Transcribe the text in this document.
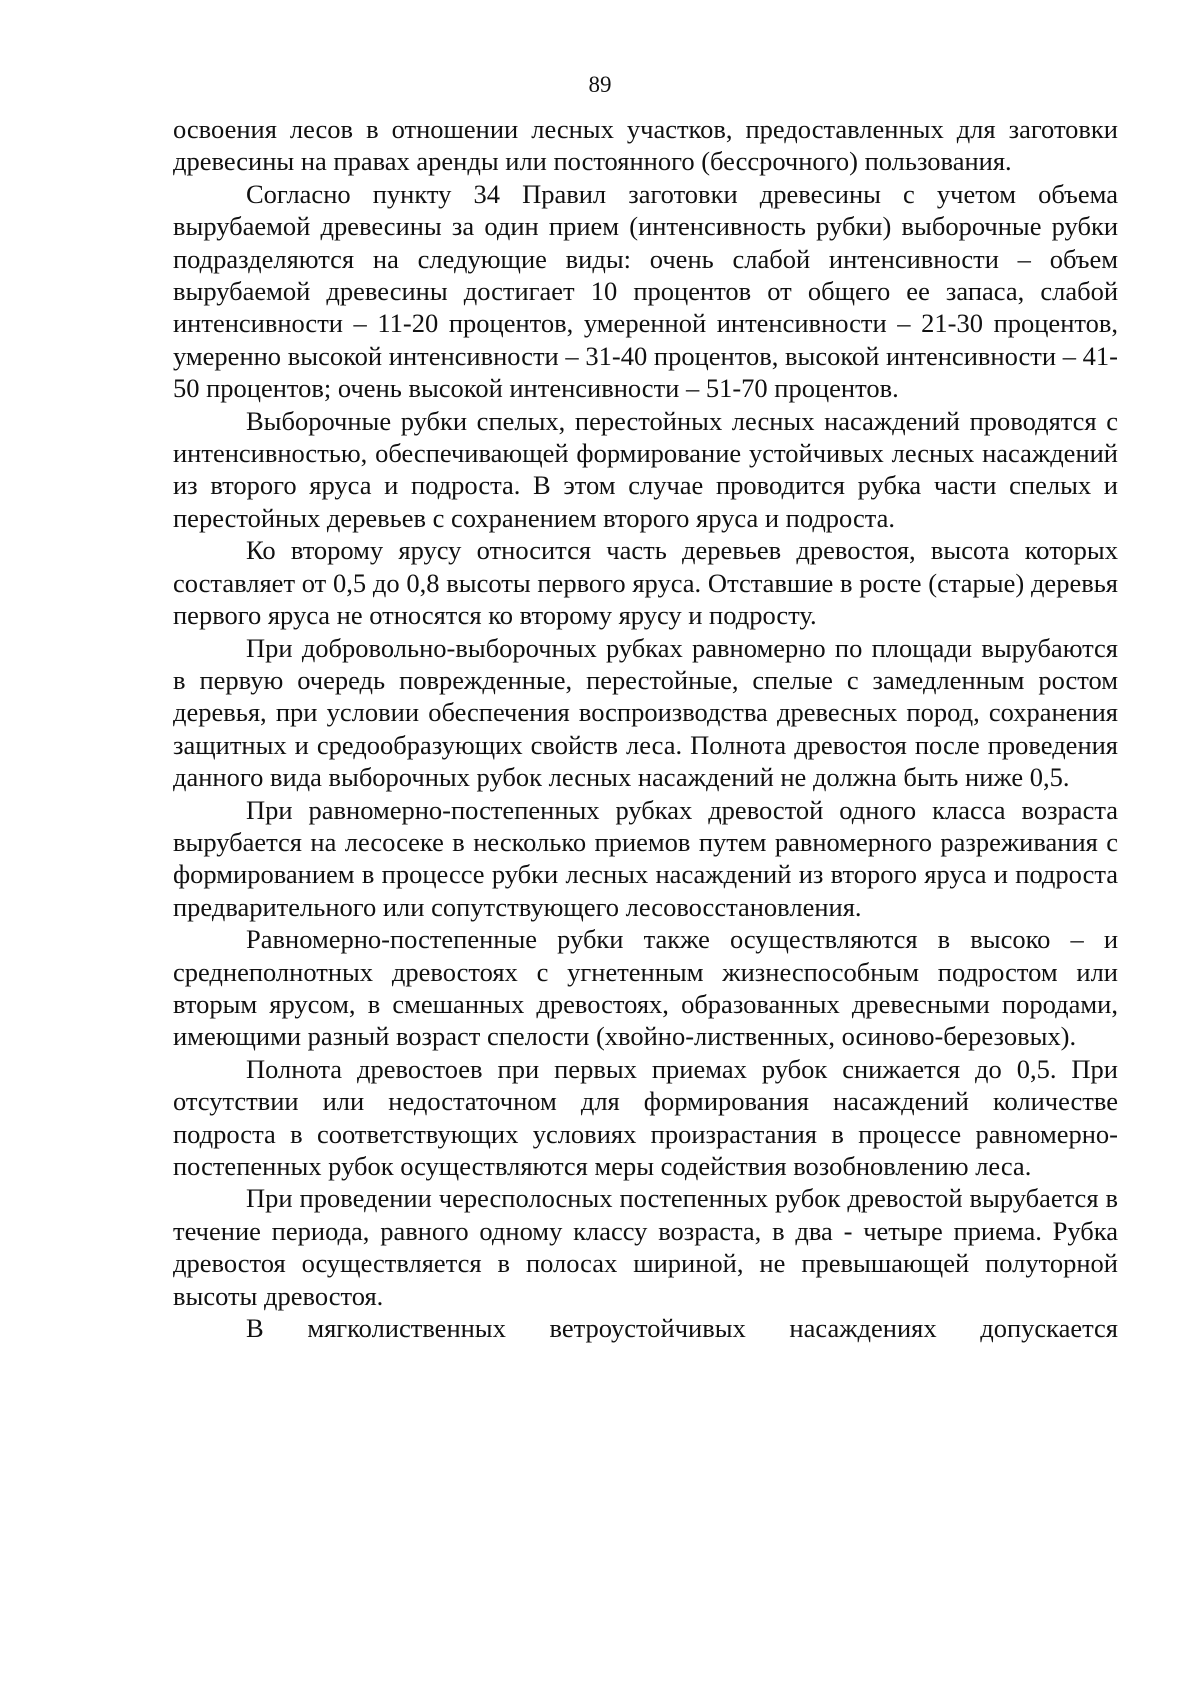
89

освоения лесов в отношении лесных участков, предоставленных для заготовки древесины на правах аренды или постоянного (бессрочного) пользования.

Согласно пункту 34 Правил заготовки древесины с учетом объема вырубаемой древесины за один прием (интенсивность рубки) выборочные рубки подразделяются на следующие виды: очень слабой интенсивности – объем вырубаемой древесины достигает 10 процентов от общего ее запаса, слабой интенсивности – 11-20 процентов, умеренной интенсивности – 21-30 процентов, умеренно высокой интенсивности – 31-40 процентов, высокой интенсивности – 41-50 процентов; очень высокой интенсивности – 51-70 процентов.

Выборочные рубки спелых, перестойных лесных насаждений проводятся с интенсивностью, обеспечивающей формирование устойчивых лесных насаждений из второго яруса и подроста. В этом случае проводится рубка части спелых и перестойных деревьев с сохранением второго яруса и подроста.

Ко второму ярусу относится часть деревьев древостоя, высота которых составляет от 0,5 до 0,8 высоты первого яруса. Отставшие в росте (старые) деревья первого яруса не относятся ко второму ярусу и подросту.

При добровольно-выборочных рубках равномерно по площади вырубаются в первую очередь поврежденные, перестойные, спелые с замедленным ростом деревья, при условии обеспечения воспроизводства древесных пород, сохранения защитных и средообразующих свойств леса. Полнота древостоя после проведения данного вида выборочных рубок лесных насаждений не должна быть ниже 0,5.

При равномерно-постепенных рубках древостой одного класса возраста вырубается на лесосеке в несколько приемов путем равномерного разреживания с формированием в процессе рубки лесных насаждений из второго яруса и подроста предварительного или сопутствующего лесовосстановления.

Равномерно-постепенные рубки также осуществляются в высоко – и среднеполнотных древостоях с угнетенным жизнеспособным подростом или вторым ярусом, в смешанных древостоях, образованных древесными породами, имеющими разный возраст спелости (хвойно-лиственных, осиново-березовых).

Полнота древостоев при первых приемах рубок снижается до 0,5. При отсутствии или недостаточном для формирования насаждений количестве подроста в соответствующих условиях произрастания в процессе равномерно-постепенных рубок осуществляются меры содействия возобновлению леса.

При проведении чересполосных постепенных рубок древостой вырубается в течение периода, равного одному классу возраста, в два - четыре приема. Рубка древостоя осуществляется в полосах шириной, не превышающей полуторной высоты древостоя.

В мягколиственных ветроустойчивых насаждениях допускается
